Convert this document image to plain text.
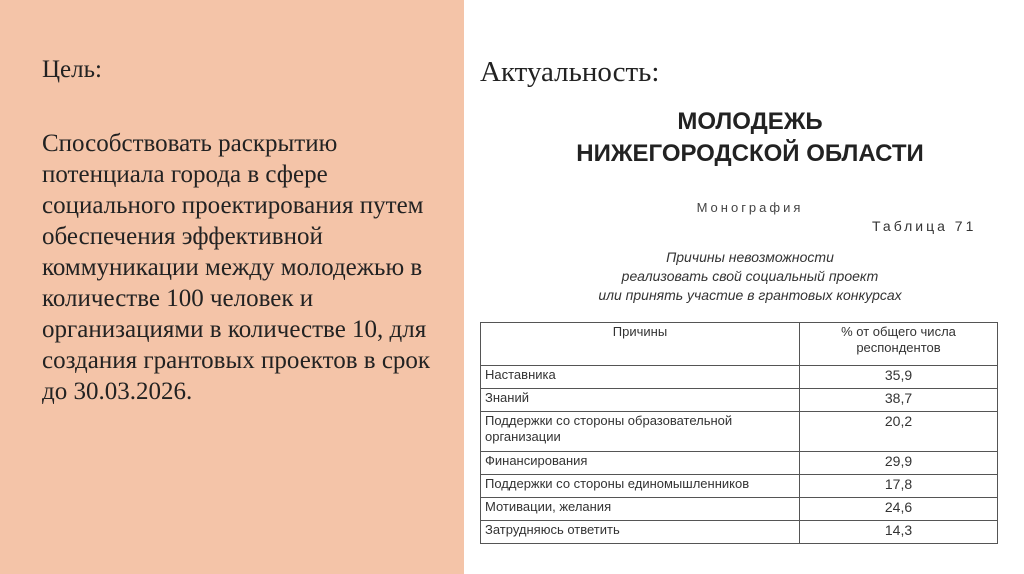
Цель:
Способствовать раскрытию потенциала города в сфере социального проектирования путем обеспечения эффективной коммуникации между молодежью в количестве 100 человек и организациями в количестве 10, для создания грантовых проектов в срок до 30.03.2026.
Актуальность:
МОЛОДЕЖЬ
НИЖЕГОРОДСКОЙ ОБЛАСТИ
Монография
Таблица 71
Причины невозможности
реализовать свой социальный проект
или принять участие в грантовых конкурсах
Причины	% от общего числа респондентов
Наставника	35,9
Знаний	38,7
Поддержки со стороны образовательной организации	20,2
Финансирования	29,9
Поддержки со стороны единомышленников	17,8
Мотивации, желания	24,6
Затрудняюсь ответить	14,3
